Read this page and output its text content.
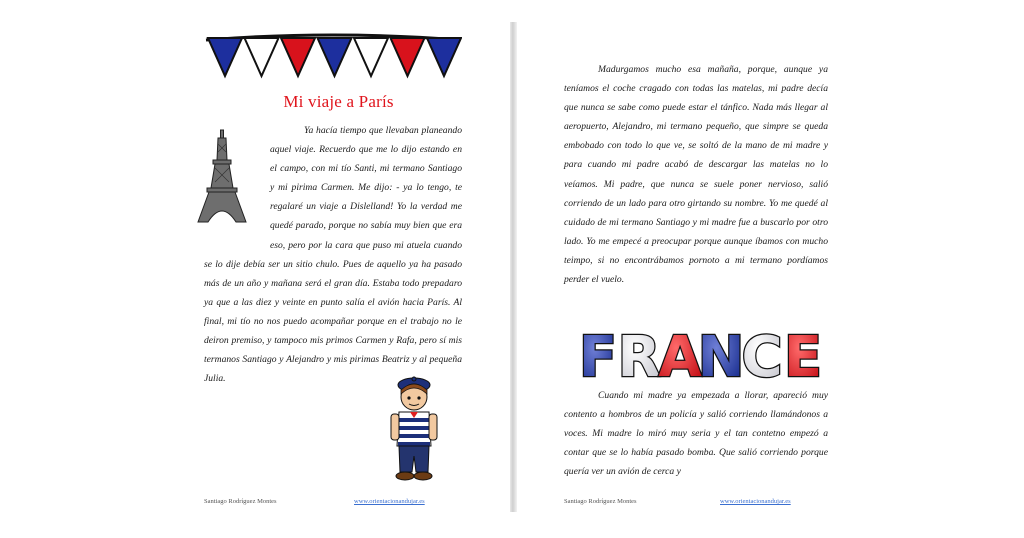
Mi viaje a París
Ya hacía tiempo que llevaban planeando aquel viaje. Recuerdo que me lo dijo estando en el campo, con mi tío Santi, mi termano Santiago y mi pirima Carmen. Me dijo: - ya lo tengo, te regalaré un viaje a Dislelland! Yo la verdad me quedé parado, porque no sabía muy bien que era eso, pero por la cara que puso mi atuela cuando se lo dije debía ser un sitio chulo. Pues de aquello ya ha pasado más de un año y mañana será el gran día. Estaba todo prepadaro ya que a las diez y veinte en punto salía el avión hacia París. Al final, mi tío no nos puedo acompañar porque en el trabajo no le deiron premiso, y tampoco mis primos Carmen y Rafa, pero sí mis termanos Santiago y Alejandro y mis pirimas Beatriz y al pequeña Julia.
Santiago Rodríguez Montes	www.orientacionandujar.es
Madurgamos mucho esa mañaña, porque, aunque ya teníamos el coche cragado con todas las matelas, mi padre decía que nunca se sabe como puede estar el tánfico. Nada más llegar al aeropuerto, Alejandro, mi termano pequeño, que simpre se queda embobado con todo lo que ve, se soltó de la mano de mi madre y para cuando mi padre acabó de descargar las matelas no lo veíamos. Mi padre, que nunca se suele poner nervioso, salió corriendo de un lado para otro girtando su nombre. Yo me quedé al cuidado de mi termano Santiago y mi madre fue a buscarlo por otro lado. Yo me empecé a preocupar porque aunque íbamos con mucho teimpo, si no encontrábamos pornoto a mi termano pordíamos perder el vuelo.
F R
A
N
C E
Cuando mi madre ya empezada a llorar, apareció muy contento a hombros de un policía y salió corriendo llamándonos a voces. Mi madre lo miró muy seria y el tan contetno empezó a contar que se lo había pasado bomba. Que salió corriendo porque quería ver un avión de cerca y
Santiago Rodríguez Montes	www.orientacionandujar.es
